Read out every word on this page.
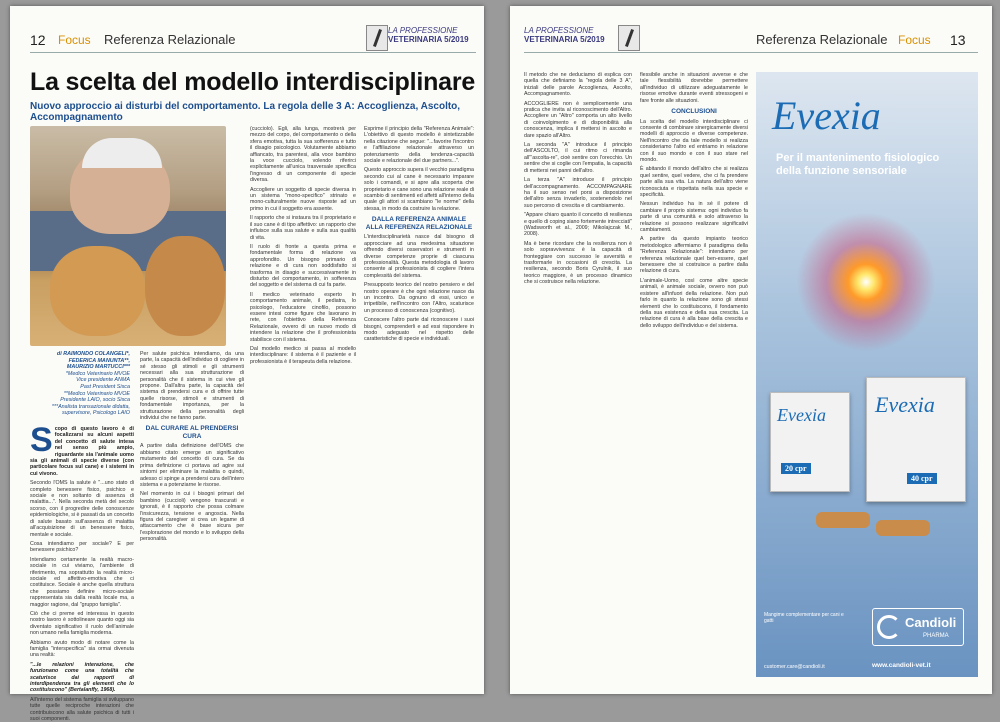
12 Focus Referenza Relazionale
LA PROFESSIONE
VETERINARIA 5/2019
La scelta del modello interdisciplinare
Nuovo approccio ai disturbi del comportamento. La regola delle 3 A: Accoglienza, Ascolto, Accompagnamento
di RAIMONDO COLANGELI*,
FEDERICA MANUNTA**,
MAURIZIO MARTUCCI***
*Medico Veterinario MVOE
Vice presidente ANMA
Past President Sisca
**Medico Veterinario MVOE
Presidente LAIO, socio Sisca
***Analista transazionale didatta,
supervisore, Psicologo LAIO

Scopo di questo lavoro è di focalizzarsi su alcuni aspetti del concetto di salute intesa nel senso più ampio, riguardante sia l'animale uomo sia gli animali di specie diverse (con particolare focus sul cane) e i sistemi in cui vivono.

Secondo l'OMS la salute è "...uno stato di completo benessere fisico, psichico e sociale e non soltanto di assenza di malattia...". Nella seconda metà del secolo scorso, con il progredire delle conoscenze epidemiologiche, si è passati da un concetto di salute basato sull'assenza di malattia all'acquisizione di un benessere fisico, mentale e sociale.

Cosa intendiamo per sociale? E per benessere psichico?

Intendiamo certamente la realtà macro-sociale in cui viviamo, l'ambiente di riferimento, ma soprattutto la realtà micro-sociale ed affettivo-emotiva che ci costituisce. Sociale è anche quella struttura che possiamo definire micro-sociale rappresentata sia dalla realtà locale ma, a maggior ragione, dal "gruppo famiglia".

Ciò che ci preme ed interessa in questo nostro lavoro è sottolineare quanto oggi sia diventato significativo il ruolo dell'animale non umano nella famiglia moderna.

Abbiamo avuto modo di notare come la famiglia "interspecifica" sia ormai divenuta una realtà:

"...le relazioni interazione, che funzionano come una totalità che scaturisce dai rapporti di interdipendenza tra gli elementi che lo costituiscono" (Bertalanffy, 1968).

All'interno del sistema famiglia si sviluppano tutte quelle reciproche interazioni che contribuiscono alla salute psichica di tutti i suoi componenti.

Per salute psichica intendiamo, da una parte, la capacità dell'individuo di cogliere in sé stesso gli stimoli e gli strumenti necessari alla sua strutturazione di personalità che il sistema in cui vive gli propone. Dall'altra parte, la capacità del sistema di prendersi cura e di offrire tutte quelle risorse, stimoli e strumenti di fondamentale importanza, per la strutturazione della personalità degli individui che ne fanno parte.

DAL CURARE AL PRENDERSI CURA

A partire dalla definizione dell'OMS che abbiamo citato emerge un significativo mutamento del concetto di cura. Se da prima definizione ci portava ad agire sui sintomi per eliminare la malattia o quindi, adesso ci spinge a prendersi cura dell'intero sistema e a potenziarne le risorse.

Nel momento in cui i bisogni primari del bambino (cuccioli) vengono trascurati e ignorati, è il rapporto che possa colmare l'insicurezza, tensione e angoscia. Nella figura del caregiver si crea un legame di attaccamento che è base sicura per l'esplorazione del mondo e lo sviluppo della personalità.

(cucciolo). Egli, alla lunga, mostrerà per mezzo del corpo, del comportamento o della sfera emotiva, tutta la sua sofferenza e tutto il disagio psicologico. Volutamente abbiamo affiancato, tra parentesi, alla voce bambino la voce cucciolo, volendo riferirci esplicitamente all'unica trasversale specifica l'ingresso di un componente di specie diversa.

Accogliere un soggetto di specie diversa in un sistema "mono-specifico" strinato e mono-culturalmente nuove risposte ad un primo in cui il soggetto era assente.

Il rapporto che si instaura tra il proprietario e il suo cane è di tipo affettivo: un rapporto che influisce sulla sua salute e sulla sua qualità di vita.

Il ruolo di fronte a questa prima e fondamentale forma di relazione va approfondito. Un bisogno primario di relazione e di cura non soddisfatto si trasforma in disagio e successivamente in disturbo del comportamento, in sofferenza del soggetto e del sistema di cui fa parte.

Il medico veterinario esperto in comportamento animale, il pediatra, lo psicologo, l'educatore cinofilo, possono essere intesi come figure che lavorano in rete, con l'obiettivo della Referenza Relazionale, ovvero di un nuovo modo di intendere la relazione che il professionista stabilisce con il sistema.

Dal modello medico si passa al modello interdisciplinare: il sistema è il paziente e il professionista è il terapeuta della relazione.

Esprime il principio della "Referenza Animale": L'obiettivo di questo modello è sintetizzabile nella citazione che segue: "...favorire l'incontro e l'affiliazione relazionale attraverso un potenziamento della tendenza-capacità sociale e relazionale del due partners...".

Questo approccio supera il vecchio paradigma secondo cui al cane è necessario imparare solo i comandi, e si apre alla scoperta che proprietario e cane sono una relazione reale di scambio di sentimenti ed affetti all'interno della quale gli attori si scambiano "le norme" della stessa, in modo da costruire la relazione.

DALLA REFERENZA ANIMALE ALLA REFERENZA RELAZIONALE

L'interdisciplinarietà nasce dal bisogno di approcciare ad una medesima situazione offrendo diversi osservatori e strumenti in diverse competenze proprie di ciascuna professionalità. Questa metodologia di lavoro consente al professionista di cogliere l'intera complessità del sistema.

Presupposto teorico del nostro pensiero e del nostro operare è che ogni relazione nasce da un incontro. Da ognuno di essi, unico e irripetibile, nell'incontro con l'Altro, scaturisce un processo di conoscenza (cognitivo).

Conoscere l'altro parte dal riconoscere i suoi bisogni, comprenderli e ad essi rispondere in modo adeguato nel rispetto delle caratteristiche di specie e individuali.

LA PROFESSIONE
VETERINARIA 5/2019	Referenza Relazionale Focus 13

Il metodo che ne deduciamo di esplica con quella che definiamo la "regola delle 3 A", iniziali delle parole Accoglienza, Ascolto, Accompagnamento.

ACCOGLIERE non è semplicemente una pratica che invita al riconoscimento dell'Altro. Accogliere un "Altro" comporta un alto livello di coinvolgimento e di disponibilità alla conoscenza, implica il mettersi in ascolto e dare spazio all'Altro.

La seconda "A" introduce il principio dell'ASCOLTO, il cui ritmo ci rimanda all'"ascolta-re", cioè sentire con l'orecchio. Un sentire che si coglie con l'empatia, la capacità di mettersi nei panni dell'altro.

La terza "A" introduce il principio dell'accompagnamento. ACCOMPAGNARE ha il suo senso nel porsi a disposizione dell'altro senza invaderlo, sostenendolo nel suo percorso di crescita e di cambiamento.

"Appare chiaro quanto il concetto di resilienza e quello di coping siano fortemente intrecciati" (Wadsworth et al., 2009; Mikolajczak M., 2008).

Ma è bene ricordare che la resilienza non è solo sopravvivenza: è la capacità di fronteggiare con successo le avversità e trasformarle in occasioni di crescita. La resilienza, secondo Boris Cyrulnik, il suo teorico maggiore, è un processo dinamico che si costruisce nella relazione.

flessibile anche in situazioni avverse e che tale flessibilità dovrebbe permettere all'individuo di utilizzare adeguatamente le risorse emotive durante eventi stressogeni e fare fronte alle situazioni.

CONCLUSIONI

La scelta del modello interdisciplinare ci consente di combinare sinergicamente diversi modelli di approccio e diverse competenze. Nell'incontro che da tale modello si realizza consideriamo l'altro ed entriamo in relazione con il suo mondo e con il suo stare nel mondo.

È abitando il mondo dell'altro che si realizza quel sentire, quel vedere, che ci fa prendere parte alla sua vita. La natura dell'altro viene riconosciuta e rispettata nella sua specie e specificità.

Nessun individuo ha in sé il potere di cambiare il proprio sistema: ogni individuo fa parte di una comunità e solo attraverso la relazione si possono realizzare significativi cambiamenti.

A partire da questo impianto teorico metodologico affermiamo il paradigma della "Referenza Relazionale": intendiamo per referenza relazionale quel ben-essere, quel benessere che si costruisce a partire dalla relazione di cura.

L'animale-Uomo, così come altre specie animali, è animale sociale, ovvero non può esistere all'infuori della relazione. Non può farlo in quanto la relazione sono gli stessi elementi che lo costituiscono, il fondamento della sua esistenza e della sua crescita. La relazione di cura è alla base della crescita e dello sviluppo dell'individuo e del sistema.

Evexia
Per il mantenimento fisiologico della funzione sensoriale
Evexia
20 cpr
Evexia
40 cpr
Mangime complementare per cani e gatti
customer.care@candioli.it
Candioli
PHARMA
www.candioli-vet.it
